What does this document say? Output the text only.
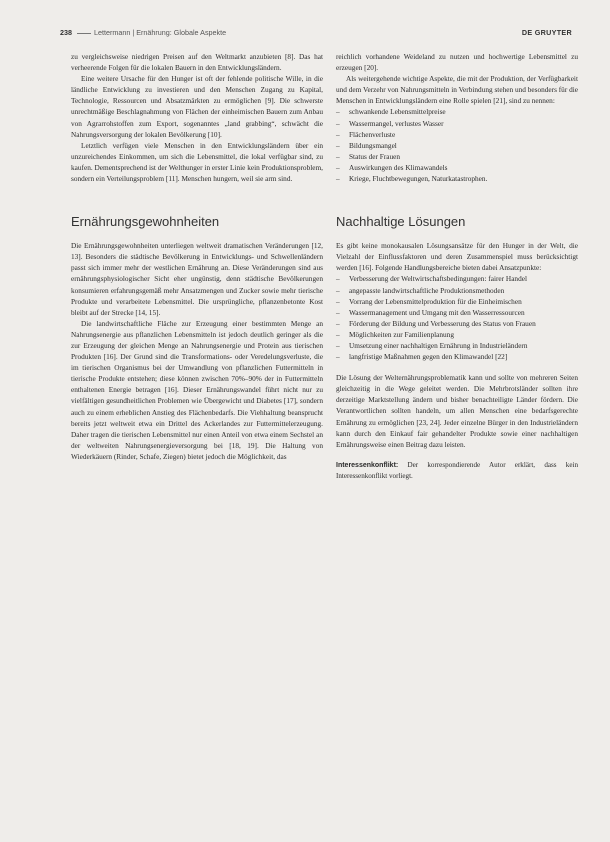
238	Lettermann | Ernährung: Globale Aspekte	DE GRUYTER

zu vergleichsweise niedrigen Preisen auf den Weltmarkt anzubieten [8]. Das hat verheerende Folgen für die lokalen Bauern in den Entwicklungsländern.

Eine weitere Ursache für den Hunger ist oft der fehlende politische Wille, in die ländliche Entwicklung zu investieren und den Menschen Zugang zu Kapital, Technologie, Ressourcen und Absatzmärkten zu ermöglichen [9]. Die schwerste unrechtmäßige Beschlagnahmung von Flächen der einheimischen Bauern zum Anbau von Agrarrohstoffen zum Export, sogenanntes „land grabbing“, schwächt die Nahrungsversorgung der lokalen Bevölkerung [10].

Letztlich verfügen viele Menschen in den Entwicklungsländern über ein unzureichendes Einkommen, um sich die Lebensmittel, die lokal verfügbar sind, zu kaufen. Dementsprechend ist der Welthunger in erster Linie kein Produktionsproblem, sondern ein Verteilungsproblem [11]. Menschen hungern, weil sie arm sind.

Ernährungsgewohnheiten

Die Ernährungsgewohnheiten unterliegen weltweit dramatischen Veränderungen [12, 13]. Besonders die städtische Bevölkerung in Entwicklungs- und Schwellenländern passt sich immer mehr der westlichen Ernährung an. Diese Veränderungen sind aus ernährungsphysiologischer Sicht eher ungünstig, denn städtische Bevölkerungen konsumieren erfahrungsgemäß mehr Ansatzmengen und Zucker sowie mehr tierische Produkte und verarbeitete Lebensmittel. Die ursprüngliche, pflanzenbetonte Kost bleibt auf der Strecke [14, 15].

Die landwirtschaftliche Fläche zur Erzeugung einer bestimmten Menge an Nahrungsenergie aus pflanzlichen Lebensmitteln ist jedoch deutlich geringer als die zur Erzeugung der gleichen Menge an Nahrungsenergie und Protein aus tierischen Produkten [16]. Der Grund sind die Transformations- oder Veredelungsverluste, die im tierischen Organismus bei der Umwandlung von pflanzlichen Futtermitteln in tierische Produkte entstehen; diese können zwischen 70%–90% der in Futtermitteln enthaltenen Energie betragen [16]. Dieser Ernährungswandel führt nicht nur zu vielfältigen gesundheitlichen Problemen wie Übergewicht und Diabetes [17], sondern auch zu einem erheblichen Anstieg des Flächenbedarfs. Die Viehhaltung beansprucht bereits jetzt weltweit etwa ein Drittel des Ackerlandes zur Futtermittelerzeugung. Daher tragen die tierischen Lebensmittel nur einen Anteil von etwa einem Sechstel an der weltweiten Nahrungsenergieversorgung bei [18, 19]. Die Haltung von Wiederkäuern (Rinder, Schafe, Ziegen) bietet jedoch die Möglichkeit, das

reichlich vorhandene Weideland zu nutzen und hochwertige Lebensmittel zu erzeugen [20].

Als weitergehende wichtige Aspekte, die mit der Produktion, der Verfügbarkeit und dem Verzehr von Nahrungsmitteln in Verbindung stehen und besonders für die Menschen in Entwicklungsländern eine Rolle spielen [21], sind zu nennen:

– schwankende Lebensmittelpreise
– Wassermangel, verlustes Wasser
– Flächenverluste
– Bildungsmangel
– Status der Frauen
– Auswirkungen des Klimawandels
– Kriege, Fluchtbewegungen, Naturkatastrophen.
Nachhaltige Lösungen

Es gibt keine monokausalen Lösungsansätze für den Hunger in der Welt, die Vielzahl der Einflussfaktoren und deren Zusammenspiel muss berücksichtigt werden [16]. Folgende Handlungsbereiche bieten dabei Ansatzpunkte:

– Verbesserung der Weltwirtschaftsbedingungen: fairer Handel
– angepasste landwirtschaftliche Produktionsmethoden
– Vorrang der Lebensmittelproduktion für die Einheimischen
– Wassermanagement und Umgang mit den Wasserressourcen
– Förderung der Bildung und Verbesserung des Status von Frauen
– Möglichkeiten zur Familienplanung
– Umsetzung einer nachhaltigen Ernährung in Industrieländern
– langfristige Maßnahmen gegen den Klimawandel [22]

Die Lösung der Welternährungsproblematik kann und sollte von mehreren Seiten gleichzeitig in die Wege geleitet werden. Die Mehrbrotsländer sollten ihre derzeitige Marktstellung ändern und bisher benachteiligte Länder fördern. Die Verantwortlichen sollten handeln, um allen Menschen eine bedarfsgerechte Ernährung zu ermöglichen [23, 24]. Jeder einzelne Bürger in den Industrieländern kann durch den Einkauf fair gehandelter Produkte sowie einer nachhaltigen Ernährungsweise einen Beitrag dazu leisten.

Interessenkonflikt: Der korrespondierende Autor erklärt, dass kein Interessenkonflikt vorliegt.
